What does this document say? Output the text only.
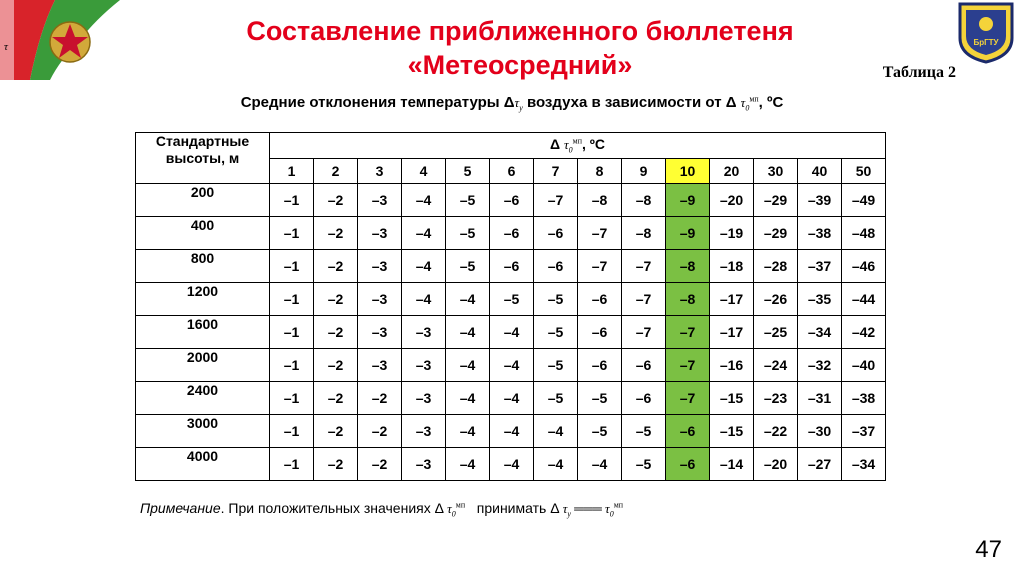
τ	БрГТУ
Составление приближенного бюллетеня
«Метеосредний»	Таблица 2
Средние отклонения температуры $\Delta\tau_у$ воздуха в зависимости от Δ $\tau_0^{мп}$, ºС
Стандартные высоты, м	Δ $\tau_0^{мп}$, ºС													
	1	2	3	4	5	6	7	8	9	10	20	30	40	50
200	–1	–2	–3	–4	–5	–6	–7	–8	–8	–9	–20	–29	–39	–49
400	–1	–2	–3	–4	–5	–6	–6	–7	–8	–9	–19	–29	–38	–48
800	–1	–2	–3	–4	–5	–6	–6	–7	–7	–8	–18	–28	–37	–46
1200	–1	–2	–3	–4	–4	–5	–5	–6	–7	–8	–17	–26	–35	–44
1600	–1	–2	–3	–3	–4	–4	–5	–6	–7	–7	–17	–25	–34	–42
2000	–1	–2	–3	–3	–4	–4	–5	–6	–6	–7	–16	–24	–32	–40
2400	–1	–2	–2	–3	–4	–4	–5	–5	–6	–7	–15	–23	–31	–38
3000	–1	–2	–2	–3	–4	–4	–4	–5	–5	–6	–15	–22	–30	–37
4000	–1	–2	–2	–3	–4	–4	–4	–4	–5	–6	–14	–20	–27	–34
Примечание. При положительных значениях Δ $\tau_0^{мп}$ принимать Δ $\tau_у$ ═══ $\tau_0^{мп}$
47
